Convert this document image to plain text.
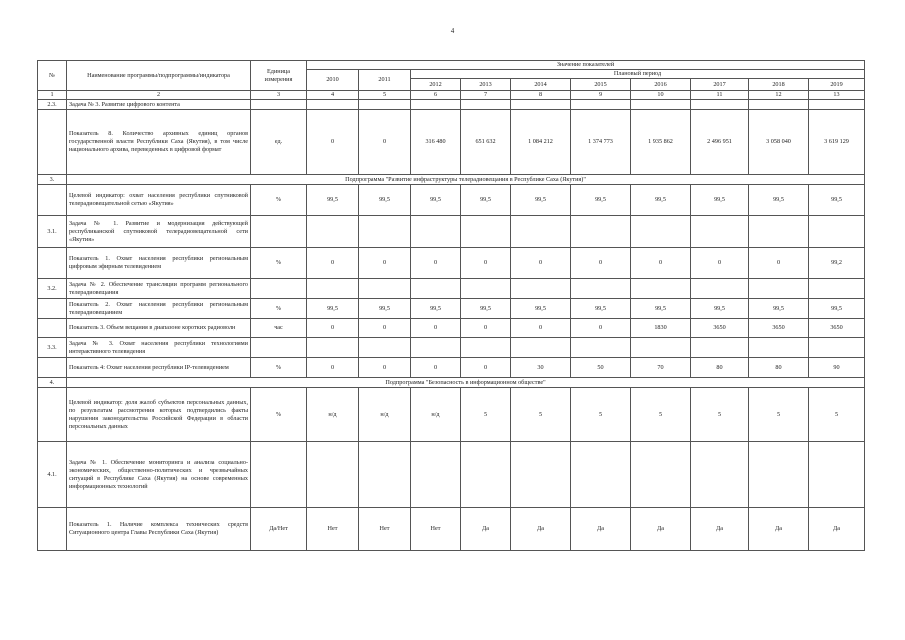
4
№	Наименование программы/подпрограммы/индикатора	Единица измерения	Значение показателей									
			2010	2011	Плановый период							
					2012	2013	2014	2015	2016	2017	2018	2019
1	2	3	4	5	6	7	8	9	10	11	12	13
2.3.	Задача № 3. Развитие цифрового контента											
	Показатель 8. Количество архивных единиц органов государственной власти Республики Саха (Якутия), в том числе национального архива, переведенных в цифровой формат	ед.	0	0	316 480	651 632	1 084 212	1 374 773	1 935 862	2 496 951	3 058 040	3 619 129
3.	Подпрограмма "Развитие инфраструктуры телерадиовещания в Республике Саха (Якутия)"											
	Целевой индикатор: охват населения республики спутниковой телерадиовещательной сетью «Якутия»	%	99,5	99,5	99,5	99,5	99,5	99,5	99,5	99,5	99,5	99,5
3.1.	Задача № 1. Развитие и модернизация действующей республиканской спутниковой телерадиовещательной сети «Якутия»											
	Показатель 1. Охват населения республики региональным цифровым эфирным телевидением	%	0	0	0	0	0	0	0	0	0	99,2
3.2.	Задача № 2. Обеспечение трансляции программ регионального телерадиовещания											
	Показатель 2. Охват населения республики региональным телерадиовещанием	%	99,5	99,5	99,5	99,5	99,5	99,5	99,5	99,5	99,5	99,5
	Показатель 3. Объем вещания в диапазоне коротких радиоволн	час	0	0	0	0	0	0	1830	3650	3650	3650
3.3.	Задача № 3. Охват населения республики технологиями интерактивного телевидения											
	Показатель 4: Охват населения республики IP-телевидением	%	0	0	0	0	30	50	70	80	80	90
4.	Подпрограмма "Безопасность в информационном обществе"											
	Целевой индикатор: доля жалоб субъектов персональных данных, по результатам рассмотрения которых подтвердились факты нарушения законодательства Российской Федерации в области персональных данных	%	н/д	н/д	н/д	5	5	5	5	5	5	5
4.1.	Задача № 1. Обеспечение мониторинга и анализа социально-экономических, общественно-политических и чрезвычайных ситуаций в Республике Саха (Якутия) на основе современных информационных технологий											
	Показатель 1. Наличие комплекса технических средств Ситуационного центра Главы Республики Саха (Якутия)	Да/Нет	Нет	Нет	Нет	Да	Да	Да	Да	Да	Да	Да
